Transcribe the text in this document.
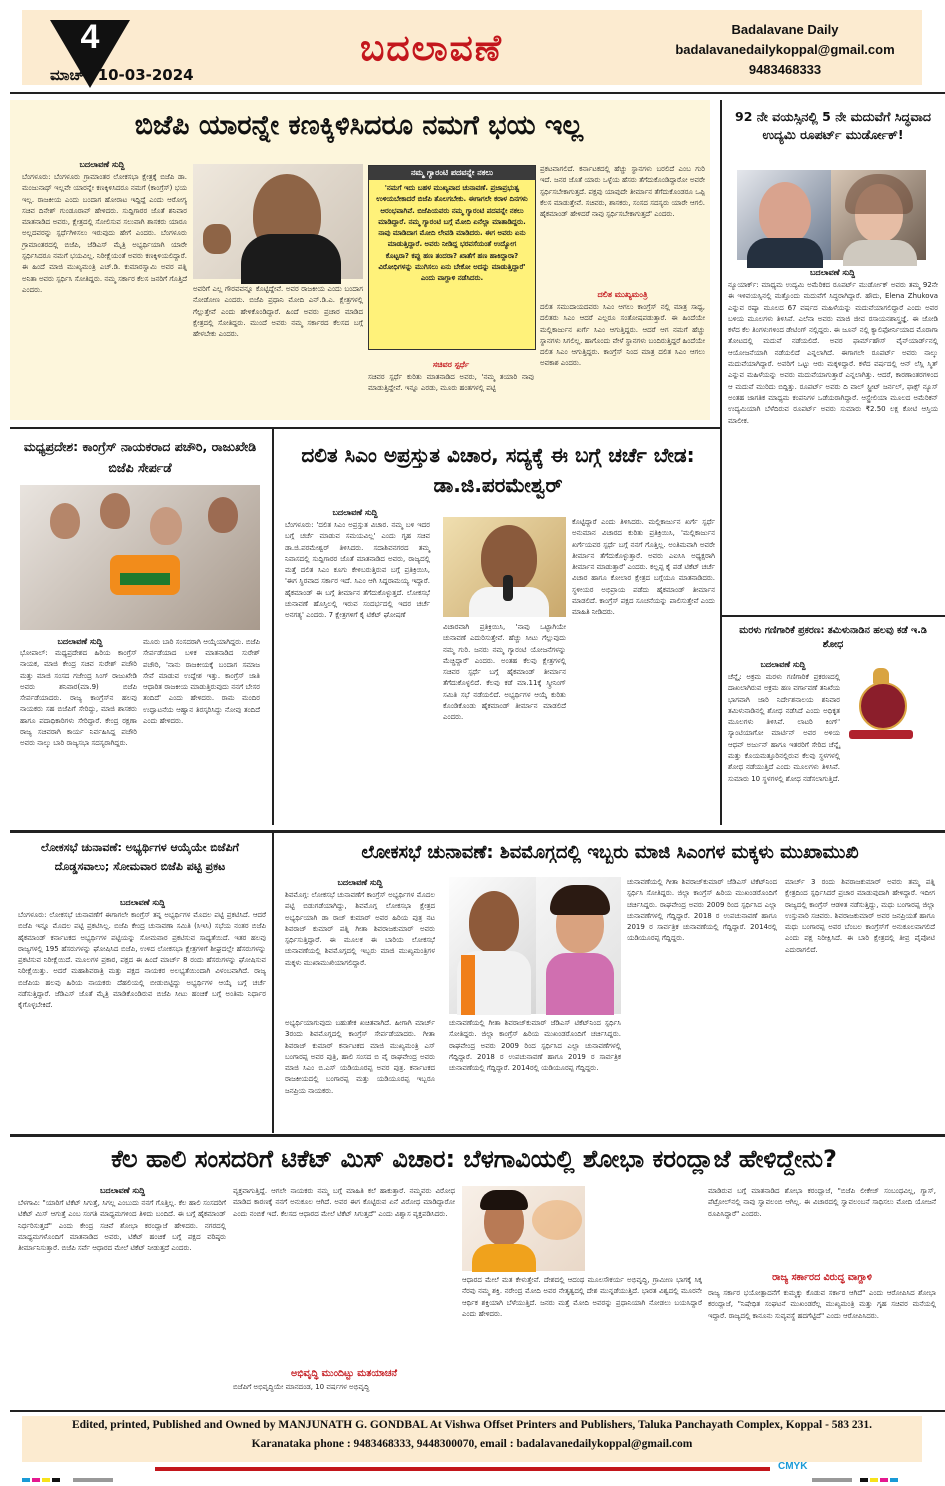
4
ಮಾರ್ಚ್ 10-03-2024
ಬದಲಾವಣೆ	Badalavane Daily
badalavanedailykoppal@gmail.com
9483468333
ಬಿಜೆಪಿ ಯಾರನ್ನೇ ಕಣಕ್ಕಿಳಿಸಿದರೂ ನಮಗೆ ಭಯ ಇಲ್ಲ
ಬದಲಾವಣೆ ಸುದ್ದಿ
ಬೆಂಗಳೂರು: ಬೆಂಗಳೂರು ಗ್ರಾಮಾಂತರ ಲೋಕಸಭಾ ಕ್ಷೇತ್ರಕ್ಕೆ ಬಿಜೆಪಿ ಡಾ. ಮಂಜುನಾಥ್ ಇಲ್ಲವೇ ಯಾರನ್ನೇ ಕಣಕ್ಕಿಳಿಸಿದರೂ ನಮಗೆ (ಕಾಂಗ್ರೆಸ್) ಭಯ ಇಲ್ಲ. ರಾಜಕೀಯ ಎಂದು ಬಂದಾಗ ಹೋರಾಟ ಇದ್ದಿದ್ದೆ ಎಂದು ಆರೋಗ್ಯ ಸಚಿವ ದಿನೇಶ್ ಗುಂಡೂರಾವ್ ಹೇಳಿದರು. ಸುದ್ದಿಗಾರರ ಜೊತೆ ಶನಿವಾರ ಮಾತನಾಡಿದ ಅವರು, ಕ್ಷೇತ್ರದಲ್ಲಿ ಸೋಲಿಸುವ ಸಲುವಾಗಿ ಶಾಸಕರು ಯಾರೂ ಅಲ್ಲದವರನ್ನು ಸ್ಪರ್ಧೆಗಿಳಿಸಲು ಇರುವುದು ಹೇಗೆ ಎಂದರು. ಬೆಂಗಳೂರು ಗ್ರಾಮಾಂತರದಲ್ಲಿ ಬಿಜೆಪಿ, ಜೆಡಿಎಸ್ ಮೈತ್ರಿ ಅಭ್ಯರ್ಥಿಯಾಗಿ ಯಾರೇ ಸ್ಪರ್ಧಿಸಿದರೂ ನಮಗೆ ಭಯವಿಲ್ಲ. ನಿರೀಕ್ಷೆಯಂತೆ ಅವರು ಕಣಕ್ಕಿಳಿಯಲಿದ್ದಾರೆ. ಈ ಹಿಂದೆ ಮಾಜಿ ಮುಖ್ಯಮಂತ್ರಿ ಎಚ್.ಡಿ. ಕುಮಾರಸ್ವಾಮಿ ಅವರ ಪತ್ನಿ ಅನಿತಾ ಅವರು ಸ್ಪರ್ಧಿಸಿ ಸೋತಿದ್ದರು. ನಮ್ಮ ಸರ್ಕಾರ ಕೆಲಸ ಜನರಿಗೆ ಗೊತ್ತಿದೆ ಎಂದರು.	ಅವರಿಗೆ ಎಲ್ಲ ಗೌರವವನ್ನೂ ಕೊಟ್ಟಿದ್ದೇವೆ. ಅವರ ರಾಜಕೀಯ ಎಂದು ಬಂದಾಗ ನೋಡೋಣ ಎಂದರು. ಬಿಜೆಪಿ ಪ್ರಧಾನಿ ಮೋದಿ ಎನ್.ಡಿ.ಎ. ಕ್ಷೇತ್ರಗಳಲ್ಲಿ ಗೆಲ್ಲುತ್ತೇವೆ ಎಂದು ಹೇಳಿಕೊಂಡಿದ್ದಾರೆ. ಹಿಂದೆ ಅವರು ಪ್ರಚಾರ ಮಾಡಿದ ಕ್ಷೇತ್ರದಲ್ಲಿ ಸೋತಿದ್ದರು. ಮುಂದೆ ಅವರು ನಮ್ಮ ಸರ್ಕಾರದ ಕೆಲಸದ ಬಗ್ಗೆ ಹೇಳಬೇಕು ಎಂದರು.
ನಮ್ಮ ಗ್ಯಾರಂಟಿ ಪದವನ್ನೇ ನಕಲು
'ನಮಗೆ ಇದು ಬಹಳ ಮುಖ್ಯವಾದ ಚುನಾವಣೆ. ಪ್ರಜಾಪ್ರಭುತ್ವ ಉಳಿಯಬೇಕಾದರೆ ಬಿಜೆಪಿ ತೊಲಗಬೇಕು. ಈಗಾಗಲೇ ಕರಾಳ ದಿನಗಳು ಆರಂಭವಾಗಿವೆ. ಬಿಜೆಪಿಯವರು ನಮ್ಮ ಗ್ಯಾರಂಟಿ ಪದವನ್ನೇ ನಕಲು ಮಾಡಿದ್ದಾರೆ. ನಮ್ಮ ಗ್ಯಾರಂಟಿ ಬಗ್ಗೆ ಮೋದಿ ಏನೆಲ್ಲಾ ಮಾತಾಡಿದ್ದರು. ನಾವು ಮಾಡಿದಾಗ ಮೋದಿ ಲೇವಡಿ ಮಾಡಿದರು. ಈಗ ಅವರು ಏನು ಮಾಡುತ್ತಿದ್ದಾರೆ. ಅವರು ನೀಡಿದ್ದ ಭರವಸೆಯಂತೆ ಉದ್ಯೋಗ ಕೊಟ್ಟರಾ? ಕಪ್ಪು ಹಣ ತಂದರಾ? ಖಾತೆಗೆ ಹಣ ಹಾಕಿದ್ದಾರಾ? ವಿರೋಧಿಗಳನ್ನು ಮುಗಿಸಲು ಏನು ಬೇಕೋ ಅದನ್ನು ಮಾಡುತ್ತಿದ್ದಾರೆ' ಎಂದು ವಾಗ್ದಾಳಿ ನಡೆಸಿದರು.
ಸಚಿವರ ಸ್ಪರ್ಧೆ
ಸಚಿವರ ಸ್ಪರ್ಧೆ ಕುರಿತು ಮಾತನಾಡಿದ ಅವರು, 'ನಮ್ಮ ತಯಾರಿ ನಾವು ಮಾಡುತ್ತಿದ್ದೇವೆ. ಇನ್ನೂ ಎರಡು, ಮೂರು ಹಂತಗಳಲ್ಲಿ ಪಟ್ಟಿ
ಪ್ರಕಟವಾಗಲಿದೆ. ಕರ್ನಾಟಕದಲ್ಲಿ ಹೆಚ್ಚು ಸ್ಥಾನಗಳು ಬರಲಿದೆ ಎಂಬ ಗುರಿ ಇದೆ. ಜನರ ಜೊತೆ ಯಾರು ಒಳ್ಳೆಯ ಹೆಸರು ತೆಗೆದುಕೊಂಡಿದ್ದಾರೋ ಅವರೇ ಸ್ಪರ್ಧಿಸಬೇಕಾಗುತ್ತದೆ. ಪಕ್ಷವು ಯಾವುದೇ ತೀರ್ಮಾನ ತೆಗೆದುಕೊಂಡರೂ ಒಪ್ಪಿ ಕೆಲಸ ಮಾಡುತ್ತೇವೆ. ಸಚಿವರು, ಶಾಸಕರು, ಸಂಸದ ಸದಸ್ಯರು ಯಾರೇ ಆಗಲಿ. ಹೈಕಮಾಂಡ್ ಹೇಳಿದರೆ ನಾವು ಸ್ಪರ್ಧಿಸಬೇಕಾಗುತ್ತದೆ' ಎಂದರು.
ದಲಿತ ಮುಖ್ಯಮಂತ್ರಿ
ದಲಿತ ಸಮುದಾಯದವರು ಸಿಎಂ ಆಗಲು ಕಾಂಗ್ರೆಸ್ ನಲ್ಲಿ ಮಾತ್ರ ಸಾಧ್ಯ, ದಲಿತರು ಸಿಎಂ ಆದರೆ ಎಲ್ಲರೂ ಸಂತೋಷಪಡುತ್ತಾರೆ. ಈ ಹಿಂದೆಯೇ ಮಲ್ಲಿಕಾರ್ಜುನ ಖರ್ಗೆ ಸಿಎಂ ಆಗುತ್ತಿದ್ದರು. ಆದರೆ ಆಗ ನಮಗೆ ಹೆಚ್ಚು ಸ್ಥಾನಗಳು ಸಿಗಲಿಲ್ಲ. ಹಾಗೊಂದು ವೇಳೆ ಸ್ಥಾನಗಳು ಬಂದಿರುತ್ತಿದ್ದರೆ ಹಿಂದೆಯೇ ದಲಿತ ಸಿಎಂ ಆಗುತ್ತಿದ್ದರು. ಕಾಂಗ್ರೆಸ್ ನಿಂದ ಮಾತ್ರ ದಲಿತ ಸಿಎಂ ಆಗಲು ಅವಕಾಶ ಎಂದರು.
92 ನೇ ವಯಸ್ಸಿನಲ್ಲಿ 5 ನೇ ಮದುವೆಗೆ ಸಿದ್ಧವಾದ ಉದ್ಯಮಿ ರೂಪರ್ಟ್ ಮುರ್ಡೋಕ್!
ಬದಲಾವಣೆ ಸುದ್ದಿ
ನ್ಯೂಯಾರ್ಕ್: ಮಾಧ್ಯಮ ಉದ್ಯಮಿ ಅಮೆರಿಕದ ರೂಪರ್ಟ್ ಮುರ್ಡೋಕ್ ಅವರು ತಮ್ಮ 92ನೇ ಈ ಇಳಿವಯಸ್ಸಿನಲ್ಲಿ ಮತ್ತೊಂದು ಮದುವೆಗೆ ಸಿದ್ಧರಾಗಿದ್ದಾರೆ. ಹೌದು, Elena Zhukova ಎನ್ನುವ ರಷ್ಯಾ ಮೂಲದ 67 ವರ್ಷದ ಮಹಿಳೆಯನ್ನು ಮದುವೆಯಾಗಲಿದ್ದಾರೆ ಎಂದು ಅವರ ಬಳಿಯ ಮೂಲಗಳು ತಿಳಿಸಿವೆ. ಎಲೆನಾ ಅವರು ಮಾಜಿ ಜೀವ ರಸಾಯನಶಾಸ್ತ್ರಜ್ಞೆ. ಈ ಜೋಡಿ ಕಳೆದ ಕೆಲ ತಿಂಗಳುಗಳಿಂದ ಡೇಟಿಂಗ್ ನಲ್ಲಿದ್ದರು. ಈ ಜೂನ್ ನಲ್ಲಿ ಕ್ಯಾಲಿಫೋರ್ನಿಯಾದ ಮೊರಾಗಾ ತೋಟದಲ್ಲಿ ಮದುವೆ ನಡೆಯಲಿದೆ. ಅವರ ಫಾರ್ಮ್‌ಹೌಸ್ ವೈನ್‌ಯಾರ್ಡ್‌ನಲ್ಲಿ ಆಯೋಜನೆಯಾಗಿ ನಡೆಯಲಿದೆ ಎನ್ನಲಾಗಿದೆ. ಈಗಾಗಲೇ ರೂಪರ್ಟ್ ಅವರು ನಾಲ್ಕು ಮದುವೆಯಾಗಿದ್ದಾರೆ. ಅವರಿಗೆ ಒಟ್ಟು ಆರು ಮಕ್ಕಳಿದ್ದಾರೆ. ಕಳೆದ ವರ್ಷದಲ್ಲಿ ಆನ್ ಲೆಸ್ಲಿ ಸ್ಮಿತ್ ಎನ್ನುವ ಮಹಿಳೆಯನ್ನು ಅವರು ಮದುವೆಯಾಗುತ್ತಾರೆ ಎನ್ನಲಾಗಿತ್ತು. ಆದರೆ, ಕಾರಣಾಂತರಗಳಿಂದ ಆ ಮದುವೆ ಮುರಿದು ಬಿದ್ದಿತ್ತು. ರೂಪರ್ಟ್ ಅವರು ದಿ ವಾಲ್ ಸ್ಟ್ರೀಟ್ ಜರ್ನಲ್, ಫಾಕ್ಸ್ ನ್ಯೂಸ್ ಅಂತಹ ಜಾಗತಿಕ ಮಾಧ್ಯಮ ಕಂಪನಿಗಳ ಒಡೆಯರಾಗಿದ್ದಾರೆ. ಆಸ್ಟ್ರೇಲಿಯಾ ಮೂಲದ ಅಮೆರಿಕನ್ ಉದ್ಯಮಿಯಾಗಿ ಬೆಳೆದಿರುವ ರೂಪರ್ಟ್ ಅವರು ಸುಮಾರು ₹2.50 ಲಕ್ಷ ಕೋಟಿ ಆಸ್ತಿಯ ಮಾಲೀಕ.
ಮರಳು ಗಣಿಗಾರಿಕೆ ಪ್ರಕರಣ: ತಮಿಳುನಾಡಿನ ಹಲವು ಕಡೆ ಇ.ಡಿ ಶೋಧ
ಬದಲಾವಣೆ ಸುದ್ದಿ
ಚೆನ್ನೈ: ಅಕ್ರಮ ಮರಳು ಗಣಿಗಾರಿಕೆ ಪ್ರಕರಣದಲ್ಲಿ ದಾಖಲಾಗಿರುವ ಅಕ್ರಮ ಹಣ ವರ್ಗಾವಣೆ ತನಿಖೆಯ ಭಾಗವಾಗಿ ಜಾರಿ ನಿರ್ದೇಶನಾಲಯ ಶನಿವಾರ ತಮಿಳುನಾಡಿನಲ್ಲಿ ಶೋಧ ನಡೆಸಿದೆ ಎಂದು ಅಧಿಕೃತ ಮೂಲಗಳು ತಿಳಿಸಿವೆ. ಲಾಟರಿ ಕಿಂಗ್' ಸ್ಯಾಂಟಿಯಾಗೋ ಮಾರ್ಟಿನ್ ಅವರ ಅಳಿಯ ಆಧವ್ ಅರ್ಜುನ್ ಹಾಗೂ ಇತರರಿಗೆ ಸೇರಿದ ಚೆನ್ನೈ ಮತ್ತು ಕೊಯಮತ್ತೂರಿನಲ್ಲಿರುವ ಕೆಲವು ಸ್ಥಳಗಳಲ್ಲಿ ಶೋಧ ನಡೆಯುತ್ತಿದೆ ಎಂದು ಮೂಲಗಳು ತಿಳಿಸಿವೆ. ಸುಮಾರು 10 ಸ್ಥಳಗಳಲ್ಲಿ ಶೋಧ ನಡೆಸಲಾಗುತ್ತಿದೆ.
ಮಧ್ಯಪ್ರದೇಶ: ಕಾಂಗ್ರೆಸ್ ನಾಯಕರಾದ ಪಚೌರಿ, ರಾಜುಖೇಡಿ ಬಿಜೆಪಿ ಸೇರ್ಪಡೆ
ಬದಲಾವಣೆ ಸುದ್ದಿ
ಭೋಪಾಲ್: ಮಧ್ಯಪ್ರದೇಶದ ಹಿರಿಯ ಕಾಂಗ್ರೆಸ್ ನಾಯಕ, ಮಾಜಿ ಕೇಂದ್ರ ಸಚಿವ ಸುರೇಶ್ ಪಚೌರಿ ಮತ್ತು ಮಾಜಿ ಸಂಸದ ಗಜೇಂದ್ರ ಸಿಂಗ್ ರಾಜುಖೇಡಿ ಅವರು ಶನಿವಾರ(ಮಾ.9) ಬಿಜೆಪಿ ಸೇರ್ಪಡೆಯಾದರು. ರಾಜ್ಯ ಕಾಂಗ್ರೆಸ್‌ನ ಹಲವು ನಾಯಕರು ಸಹ ಬಿಜೆಪಿಗೆ ಸೇರಿದ್ದು, ಮಾಜಿ ಶಾಸಕರು ಹಾಗೂ ಪದಾಧಿಕಾರಿಗಳು ಸೇರಿದ್ದಾರೆ. ಕೇಂದ್ರ ರಕ್ಷಣಾ ರಾಜ್ಯ ಸಚಿವರಾಗಿ ಕಾರ್ಯ ನಿರ್ವಹಿಸಿದ್ದ ಪಚೌರಿ ಅವರು ನಾಲ್ಕು ಬಾರಿ ರಾಜ್ಯಸಭಾ ಸದಸ್ಯರಾಗಿದ್ದರು.
ಮೂರು ಬಾರಿ ಸಂಸದರಾಗಿ ಆಯ್ಕೆಯಾಗಿದ್ದರು. ಬಿಜೆಪಿ ಸೇರ್ಪಡೆಯಾದ ಬಳಿಕ ಮಾತನಾಡಿದ ಸುರೇಶ್ ಪಚೌರಿ, 'ನಾನು ರಾಜಕೀಯಕ್ಕೆ ಬಂದಾಗ ಸಮಾಜ ಸೇವೆ ಮಾಡುವ ಉದ್ದೇಶ ಇತ್ತು. ಕಾಂಗ್ರೆಸ್ ಜಾತಿ ಆಧಾರಿತ ರಾಜಕೀಯ ಮಾಡುತ್ತಿರುವುದು ನನಗೆ ಬೇಸರ ತಂದಿದೆ' ಎಂದು ಹೇಳಿದರು. ರಾಮ ಮಂದಿರ ಉದ್ಘಾಟನೆಯ ಆಹ್ವಾನ ತಿರಸ್ಕರಿಸಿದ್ದು ನೋವು ತಂದಿದೆ ಎಂದು ಹೇಳಿದರು.
ದಲಿತ ಸಿಎಂ ಅಪ್ರಸ್ತುತ ವಿಚಾರ, ಸದ್ಯಕ್ಕೆ ಈ ಬಗ್ಗೆ ಚರ್ಚೆ ಬೇಡ: ಡಾ.ಜಿ.ಪರಮೇಶ್ವರ್
ಬದಲಾವಣೆ ಸುದ್ದಿ
ಬೆಂಗಳೂರು: 'ದಲಿತ ಸಿಎಂ ಅಪ್ರಸ್ತುತ ವಿಚಾರ. ನಮ್ಮ ಬಳಿ ಇದರ ಬಗ್ಗೆ ಚರ್ಚೆ ಮಾಡುವ ಸಮಯವಿಲ್ಲ' ಎಂದು ಗೃಹ ಸಚಿವ ಡಾ.ಜಿ.ಪರಮೇಶ್ವರ್ ತಿಳಿಸಿದರು. ಸದಾಶಿವನಗರದ ತಮ್ಮ ನಿವಾಸದಲ್ಲಿ ಸುದ್ದಿಗಾರರ ಜೊತೆ ಮಾತನಾಡಿದ ಅವರು, ರಾಜ್ಯದಲ್ಲಿ ಮತ್ತೆ ದಲಿತ ಸಿಎಂ ಕೂಗು ಕೇಳಿಬರುತ್ತಿರುವ ಬಗ್ಗೆ ಪ್ರತಿಕ್ರಿಯಿಸಿ, 'ಈಗ ಸ್ಥಿರವಾದ ಸರ್ಕಾರ ಇದೆ. ಸಿಎಂ ಆಗಿ ಸಿದ್ದರಾಮಯ್ಯ ಇದ್ದಾರೆ. ಹೈಕಮಾಂಡ್ ಈ ಬಗ್ಗೆ ತೀರ್ಮಾನ ತೆಗೆದುಕೊಳ್ಳುತ್ತದೆ. ಲೋಕಸಭೆ ಚುನಾವಣೆ ಹೊಸ್ತಿಲಲ್ಲಿ ಇರುವ ಸಂದರ್ಭದಲ್ಲಿ ಇದರ ಚರ್ಚೆ ಅನಗತ್ಯ' ಎಂದರು. 7 ಕ್ಷೇತ್ರಗಳಿಗೆ ಕೈ ಟಿಕೆಟ್ ಘೋಷಣೆ
ವಿಚಾರವಾಗಿ ಪ್ರತಿಕ್ರಿಯಿಸಿ, 'ನಾವು ಒಟ್ಟಾಗಿಯೇ ಚುನಾವಣೆ ಎದುರಿಸುತ್ತೇವೆ. ಹೆಚ್ಚು ಸೀಟು ಗೆಲ್ಲುವುದು ನಮ್ಮ ಗುರಿ. ಜನರು ನಮ್ಮ ಗ್ಯಾರಂಟಿ ಯೋಜನೆಗಳನ್ನು ಮೆಚ್ಚಿದ್ದಾರೆ' ಎಂದರು. ಅಂತಹ ಕೆಲವು ಕ್ಷೇತ್ರಗಳಲ್ಲಿ ಸಚಿವರ ಸ್ಪರ್ಧೆ ಬಗ್ಗೆ ಹೈಕಮಾಂಡ್ ತೀರ್ಮಾನ ತೆಗೆದುಕೊಳ್ಳಲಿದೆ. ಕೆಲವು ಕಡೆ ಮಾ.11ಕ್ಕೆ ಸ್ಕ್ರೀನಿಂಗ್ ಸಮಿತಿ ಸಭೆ ನಡೆಯಲಿದೆ. ಅಭ್ಯರ್ಥಿಗಳ ಆಯ್ಕೆ ಕುರಿತು ಕೊಂಡಿಕೊಂಡು ಹೈಕಮಾಂಡ್ ತೀರ್ಮಾನ ಮಾಡಲಿದೆ ಎಂದರು.
ಕೊಟ್ಟಿದ್ದಾರೆ ಎಂದು ತಿಳಿಸಿದರು. ಮಲ್ಲಿಕಾರ್ಜುನ ಖರ್ಗೆ ಸ್ಪರ್ಧೆ ಅನುಮಾನ ವಿಚಾರದ ಕುರಿತು ಪ್ರತಿಕ್ರಿಯಿಸಿ, 'ಮಲ್ಲಿಕಾರ್ಜುನ ಖರ್ಗೆಯವರ ಸ್ಪರ್ಧೆ ಬಗ್ಗೆ ನನಗೆ ಗೊತ್ತಿಲ್ಲ. ಅಂತಿಮವಾಗಿ ಅವರೇ ತೀರ್ಮಾನ ತೆಗೆದುಕೊಳ್ಳುತ್ತಾರೆ. ಅವರು ಎಐಸಿಸಿ ಅಧ್ಯಕ್ಷರಾಗಿ ತೀರ್ಮಾನ ಮಾಡುತ್ತಾರೆ' ಎಂದರು. ಕಲ್ಲಪ್ಪ ಕೈ ಪಡೆ ಟಿಕೆಟ್ ಚರ್ಚೆ ವಿಚಾರ ಹಾಗೂ ಕೋಲಾರ ಕ್ಷೇತ್ರದ ಬಗ್ಗೆಯೂ ಮಾತನಾಡಿದರು. ಸ್ಥಳೀಯರ ಅಭಿಪ್ರಾಯ ಪಡೆದು ಹೈಕಮಾಂಡ್ ತೀರ್ಮಾನ ಮಾಡಲಿದೆ. ಕಾಂಗ್ರೆಸ್ ಪಕ್ಷದ ಸೂಚನೆಯನ್ನು ಪಾಲಿಸುತ್ತೇವೆ ಎಂದು ಮಾಹಿತಿ ನೀಡಿದರು.
ಲೋಕಸಭೆ ಚುನಾವಣೆ: ಅಭ್ಯರ್ಥಿಗಳ ಆಯ್ಕೆಯೇ ಬಿಜೆಪಿಗೆ ದೊಡ್ಡಸವಾಲು; ಸೋಮವಾರ ಬಿಜೆಪಿ ಪಟ್ಟಿ ಪ್ರಕಟ
ಬದಲಾವಣೆ ಸುದ್ದಿ
ಬೆಂಗಳೂರು: ಲೋಕಸಭೆ ಚುನಾವಣೆಗೆ ಈಗಾಗಲೇ ಕಾಂಗ್ರೆಸ್ ತನ್ನ ಅಭ್ಯರ್ಥಿಗಳ ಮೊದಲ ಪಟ್ಟಿ ಪ್ರಕಟಿಸಿದೆ. ಆದರೆ ಬಿಜೆಪಿ ಇನ್ನೂ ಮೊದಲ ಪಟ್ಟಿ ಪ್ರಕಟಿಸಿಲ್ಲ. ಬಿಜೆಪಿ ಕೇಂದ್ರ ಚುನಾವಣಾ ಸಮಿತಿ (ಸಿಇಸಿ) ಸಭೆಯ ನಂತರ ಬಿಜೆಪಿ ಹೈಕಮಾಂಡ್ ಕರ್ನಾಟಕದ ಅಭ್ಯರ್ಥಿಗಳ ಪಟ್ಟಿಯನ್ನು ಸೋಮವಾರ ಪ್ರಕಟಿಸುವ ಸಾಧ್ಯತೆಯಿದೆ. ಇತರ ಹಲವು ರಾಜ್ಯಗಳಲ್ಲಿ 195 ಹೆಸರುಗಳನ್ನು ಘೋಷಿಸಿದ ಬಿಜೆಪಿ, ಉಳಿದ ಲೋಕಸಭಾ ಕ್ಷೇತ್ರಗಳಿಗೆ ಶೀಘ್ರದಲ್ಲೇ ಹೆಸರುಗಳನ್ನು ಪ್ರಕಟಿಸುವ ನಿರೀಕ್ಷೆಯಿದೆ. ಮೂಲಗಳ ಪ್ರಕಾರ, ಪಕ್ಷದ ಈ ಹಿಂದೆ ಮಾರ್ಚ್ 8 ರಂದು ಹೆಸರುಗಳನ್ನು ಘೋಷಿಸುವ ನಿರೀಕ್ಷೆಯಿತ್ತು. ಅದರೆ ಮಹಾಶಿವರಾತ್ರಿ ಮತ್ತು ಪಕ್ಷದ ನಾಯಕರ ಅಲಭ್ಯತೆಯಿಂದಾಗಿ ವಿಳಂಬವಾಗಿದೆ. ರಾಜ್ಯ ಬಿಜೆಪಿಯ ಹಲವು ಹಿರಿಯ ನಾಯಕರು ದೆಹಲಿಯಲ್ಲಿ ಬೀಡುಬಿಟ್ಟಿದ್ದು ಅಭ್ಯರ್ಥಿಗಳ ಆಯ್ಕೆ ಬಗ್ಗೆ ಚರ್ಚೆ ನಡೆಸುತ್ತಿದ್ದಾರೆ. ಜೆಡಿಎಸ್ ಜೊತೆ ಮೈತ್ರಿ ಮಾಡಿಕೊಂಡಿರುವ ಬಿಜೆಪಿ ಸೀಟು ಹಂಚಿಕೆ ಬಗ್ಗೆ ಅಂತಿಮ ನಿರ್ಧಾರ ಕೈಗೊಳ್ಳಬೇಕಿದೆ.
ಲೋಕಸಭೆ ಚುನಾವಣೆ: ಶಿವಮೊಗ್ಗದಲ್ಲಿ ಇಬ್ಬರು ಮಾಜಿ ಸಿಎಂಗಳ ಮಕ್ಕಳು ಮುಖಾಮುಖಿ
ಬದಲಾವಣೆ ಸುದ್ದಿ
ಶಿವಮೊಗ್ಗ: ಲೋಕಸಭೆ ಚುನಾವಣೆಗೆ ಕಾಂಗ್ರೆಸ್ ಅಭ್ಯರ್ಥಿಗಳ ಮೊದಲ ಪಟ್ಟಿ ಬಿಡುಗಡೆಯಾಗಿದ್ದು, ಶಿವಮೊಗ್ಗ ಲೋಕಸಭಾ ಕ್ಷೇತ್ರದ ಅಭ್ಯರ್ಥಿಯಾಗಿ ಡಾ ರಾಜ್ ಕುಮಾರ್ ಅವರ ಹಿರಿಯ ಪುತ್ರ ನಟ ಶಿವರಾಜ್ ಕುಮಾರ್ ಪತ್ನಿ ಗೀತಾ ಶಿವರಾಜಕುಮಾರ್ ಅವರು ಸ್ಪರ್ಧಿಸುತ್ತಿದ್ದಾರೆ. ಈ ಮೂಲಕ ಈ ಬಾರಿಯ ಲೋಕಸಭೆ ಚುನಾವಣೆಯಲ್ಲಿ ಶಿವಮೊಗ್ಗದಲ್ಲಿ ಇಬ್ಬರು ಮಾಜಿ ಮುಖ್ಯಮಂತ್ರಿಗಳ ಮಕ್ಕಳು ಮುಖಾಮುಖಿಯಾಗಲಿದ್ದಾರೆ.
ಅಭ್ಯರ್ಥಿಯಾಗುವುದು ಬಹುತೇಕ ಖಚಿತವಾಗಿದೆ. ಹೀಗಾಗಿ ಮಾರ್ಚ್ 3ರಂದು ಶಿವಮೊಗ್ಗದಲ್ಲಿ ಕಾಂಗ್ರೆಸ್ ಸೇರ್ಪಡೆಯಾದರು. ಗೀತಾ ಶಿವರಾಜ್ ಕುಮಾರ್ ಕರ್ನಾಟಕದ ಮಾಜಿ ಮುಖ್ಯಮಂತ್ರಿ ಎಸ್ ಬಂಗಾರಪ್ಪ ಅವರ ಪುತ್ರಿ, ಹಾಲಿ ಸಂಸದ ಬಿ ವೈ ರಾಘವೇಂದ್ರ ಅವರು ಮಾಜಿ ಸಿಎಂ ಬಿ.ಎಸ್ ಯಡಿಯೂರಪ್ಪ ಅವರ ಪುತ್ರ. ಕರ್ನಾಟಕದ ರಾಜಕೀಯದಲ್ಲಿ ಬಂಗಾರಪ್ಪ ಮತ್ತು ಯಡಿಯೂರಪ್ಪ ಇಬ್ಬರೂ ಜನಪ್ರಿಯ ನಾಯಕರು.
ಚುನಾವಣೆಯಲ್ಲಿ ಗೀತಾ ಶಿವರಾಜ್‌ಕುಮಾರ್ ಜೆಡಿಎಸ್ ಟಿಕೆಟ್‌ನಿಂದ ಸ್ಪರ್ಧಿಸಿ ಸೋತಿದ್ದರು. ಜಿಲ್ಲಾ ಕಾಂಗ್ರೆಸ್ ಹಿರಿಯ ಮುಖಂಡರೊಂದಿಗೆ ಚರ್ಚಿಸಿದ್ದರು. ರಾಘವೇಂದ್ರ ಅವರು 2009 ರಿಂದ ಸ್ಪರ್ಧಿಸಿದ ಎಲ್ಲಾ ಚುನಾವಣೆಗಳಲ್ಲಿ ಗೆದ್ದಿದ್ದಾರೆ. 2018 ರ ಉಪಚುನಾವಣೆ ಹಾಗೂ 2019 ರ ಸಾರ್ವತ್ರಿಕ ಚುನಾವಣೆಯಲ್ಲಿ ಗೆದ್ದಿದ್ದಾರೆ. 2014ರಲ್ಲಿ ಯಡಿಯೂರಪ್ಪ ಗೆದ್ದಿದ್ದರು.
ಚುನಾವಣೆಯಲ್ಲಿ ಗೀತಾ ಶಿವರಾಜ್‌ಕುಮಾರ್ ಜೆಡಿಎಸ್ ಟಿಕೆಟ್‌ನಿಂದ ಸ್ಪರ್ಧಿಸಿ ಸೋತಿದ್ದರು. ಜಿಲ್ಲಾ ಕಾಂಗ್ರೆಸ್ ಹಿರಿಯ ಮುಖಂಡರೊಂದಿಗೆ ಚರ್ಚಿಸಿದ್ದರು. ರಾಘವೇಂದ್ರ ಅವರು 2009 ರಿಂದ ಸ್ಪರ್ಧಿಸಿದ ಎಲ್ಲಾ ಚುನಾವಣೆಗಳಲ್ಲಿ ಗೆದ್ದಿದ್ದಾರೆ. 2018 ರ ಉಪಚುನಾವಣೆ ಹಾಗೂ 2019 ರ ಸಾರ್ವತ್ರಿಕ ಚುನಾವಣೆಯಲ್ಲಿ ಗೆದ್ದಿದ್ದಾರೆ. 2014ರಲ್ಲಿ ಯಡಿಯೂರಪ್ಪ ಗೆದ್ದಿದ್ದರು.
ಮಾರ್ಚ್ 3 ರಂದು ಶಿವರಾಜಕುಮಾರ್ ಅವರು ತಮ್ಮ ಪತ್ನಿ ಕ್ಷೇತ್ರದಿಂದ ಸ್ಪರ್ಧಿಸಿದರೆ ಪ್ರಚಾರ ಮಾಡುವುದಾಗಿ ಹೇಳಿದ್ದಾರೆ. ಇದೀಗ ರಾಜ್ಯದಲ್ಲಿ ಕಾಂಗ್ರೆಸ್ ಆಡಳಿತ ನಡೆಸುತ್ತಿದ್ದು, ಮಧು ಬಂಗಾರಪ್ಪ ಜಿಲ್ಲಾ ಉಸ್ತುವಾರಿ ಸಚಿವರು. ಶಿವರಾಜಕುಮಾರ್ ಅವರ ಜನಪ್ರಿಯತೆ ಹಾಗೂ ಮಧು ಬಂಗಾರಪ್ಪ ಅವರ ಬೆಂಬಲ ಕಾಂಗ್ರೆಸ್‌ಗೆ ಅನುಕೂಲವಾಗಲಿದೆ ಎಂದು ಪಕ್ಷ ನಿರೀಕ್ಷಿಸಿದೆ. ಈ ಬಾರಿ ಕ್ಷೇತ್ರದಲ್ಲಿ ತೀವ್ರ ಪೈಪೋಟಿ ಎದುರಾಗಲಿದೆ.
ಕೆಲ ಹಾಲಿ ಸಂಸದರಿಗೆ ಟಿಕೆಟ್ ಮಿಸ್ ವಿಚಾರ: ಬೆಳಗಾವಿಯಲ್ಲಿ ಶೋಭಾ ಕರಂದ್ಲಾಜೆ ಹೇಳಿದ್ದೇನು?
ಬದಲಾವಣೆ ಸುದ್ದಿ
ಬೆಳಗಾವಿ: "ಯಾರಿಗೆ ಟಿಕೆಟ್ ಸಿಗುತ್ತೆ, ಸಿಗಲ್ಲ ಎಂಬುದು ನನಗೆ ಗೊತ್ತಿಲ್ಲ. ಕೆಲ ಹಾಲಿ ಸಂಸದರಿಗೆ ಟಿಕೆಟ್ ಮಿಸ್ ಆಗುತ್ತೆ ಎಂಬ ಸಂಗತಿ ಮಾಧ್ಯಮಗಳಿಂದ ತಿಳಿದು ಬಂದಿದೆ. ಈ ಬಗ್ಗೆ ಹೈಕಮಾಂಡ್ ನಿರ್ಧರಿಸುತ್ತದೆ" ಎಂದು ಕೇಂದ್ರ ಸಚಿವೆ ಶೋಭಾ ಕರಂದ್ಲಾಜೆ ಹೇಳಿದರು. ನಗರದಲ್ಲಿ ಮಾಧ್ಯಮಗಳೊಂದಿಗೆ ಮಾತನಾಡಿದ ಅವರು, ಟಿಕೆಟ್ ಹಂಚಿಕೆ ಬಗ್ಗೆ ಪಕ್ಷದ ವರಿಷ್ಠರು ತೀರ್ಮಾನಿಸುತ್ತಾರೆ. ಬಿಜೆಪಿ ಸರ್ವೆ ಆಧಾರದ ಮೇಲೆ ಟಿಕೆಟ್ ನೀಡುತ್ತದೆ ಎಂದರು.
ವ್ಯಕ್ತವಾಗುತ್ತಿದ್ದೆ. ಆಗಲೇ ನಾಯಕರು ನಮ್ಮ ಬಗ್ಗೆ ಮಾಹಿತಿ ಕಲೆ ಹಾಕುತ್ತಾರೆ. ನಮ್ಮವರು ವಿರೋಧ ಮಾಡಿದ ಕಾರಣಕ್ಕೆ ನನಗೆ ಅನುಕೂಲ ಆಗಿದೆ. ಅವರ ಈಗ ಕೊಟ್ಟಿರುವ ಏನೆ ವಿರೋಧ ಮಾಡಿದ್ದಾರೋ ಎಂದು ನಂಬಿಕೆ ಇದೆ. ಕೆಲಸದ ಆಧಾರದ ಮೇಲೆ ಟಿಕೆಟ್ ಸಿಗುತ್ತದೆ" ಎಂದು ವಿಶ್ವಾಸ ವ್ಯಕ್ತಪಡಿಸಿದರು.
ಅಭಿವೃದ್ಧಿ ಮುಂದಿಟ್ಟು ಮತಯಾಚನೆ
ಬಿಜೆಪಿಗೆ ಅಭಿವೃದ್ಧಿಯೇ ಮಾನದಂಡ, 10 ವರ್ಷಗಳ ಅಭಿವೃದ್ಧಿ
ಆಧಾರದ ಮೇಲೆ ಮತ ಕೇಳುತ್ತೇವೆ. ದೇಶದಲ್ಲಿ ಆದಂಥ ಮೂಲಸೌಕರ್ಯ ಅಭಿವೃದ್ಧಿ, ಗ್ರಾಮೀಣ ಭಾಗಕ್ಕೆ ಸಿಕ್ಕ ನೆರವು ನಮ್ಮ ಶಕ್ತಿ. ನರೇಂದ್ರ ಮೋದಿ ಅವರ ನೇತೃತ್ವದಲ್ಲಿ ದೇಶ ಮುನ್ನಡೆಯುತ್ತಿದೆ. ಭಾರತ ವಿಶ್ವದಲ್ಲಿ ಮೂರನೇ ಆರ್ಥಿಕ ಶಕ್ತಿಯಾಗಿ ಬೆಳೆಯುತ್ತಿದೆ. ಜನರು ಮತ್ತೆ ಮೋದಿ ಅವರನ್ನು ಪ್ರಧಾನಿಯಾಗಿ ನೋಡಲು ಬಯಸಿದ್ದಾರೆ ಎಂದು ಹೇಳಿದರು.
ಮಾಡಿರುವ ಬಗ್ಗೆ ಮಾತನಾಡಿದ ಶೋಭಾ ಕರಂದ್ಲಾಜೆ, "ಬಿಜೆಪಿ ಲೀಕೇಜ್ ಸಂಬಂಧವಿಲ್ಲ, ಗ್ಯಾಸ್, ಪೆಟ್ರೋಲ್‌ನಲ್ಲಿ ನಾವು ಸ್ವಾವಲಂಬಿ ಆಗಿಲ್ಲ. ಈ ವಿಚಾರದಲ್ಲಿ ಸ್ವಾವಲಂಬನೆ ಸಾಧಿಸಲು ಮೋದಿ ಯೋಜನೆ ರೂಪಿಸಿದ್ದಾರೆ" ಎಂದರು.
ರಾಜ್ಯ ಸರ್ಕಾರದ ವಿರುದ್ಧ ವಾಗ್ದಾಳಿ
ರಾಜ್ಯ ಸರ್ಕಾರ ಭಯೋತ್ಪಾದನೆಗೆ ಕುಮ್ಮಕ್ಕು ಕೊಡುವ ಸರ್ಕಾರ ಆಗಿದೆ" ಎಂದು ಆರೋಪಿಸಿದ ಶೋಭಾ ಕರಂದ್ಲಾಜೆ, "ನಿಷೇಧಿತ ಸಂಘಟನೆ ಮುಖಂಡರೆಲ್ಲ ಮುಖ್ಯಮಂತ್ರಿ ಮತ್ತು ಗೃಹ ಸಚಿವರ ಮನೆಯಲ್ಲಿ ಇದ್ದಾರೆ. ರಾಜ್ಯದಲ್ಲಿ ಕಾನೂನು ಸುವ್ಯವಸ್ಥೆ ಹದಗೆಟ್ಟಿದೆ" ಎಂದು ಆರೋಪಿಸಿದರು.
Edited, printed, Published and Owned by MANJUNATH G. GONDBAL At Vishwa Offset Printers and Publishers, Taluka Panchayath Complex, Koppal - 583 231.
Karanataka phone : 9483468333, 9448300070, email : badalavanedailykoppal@gmail.com

CMYK
